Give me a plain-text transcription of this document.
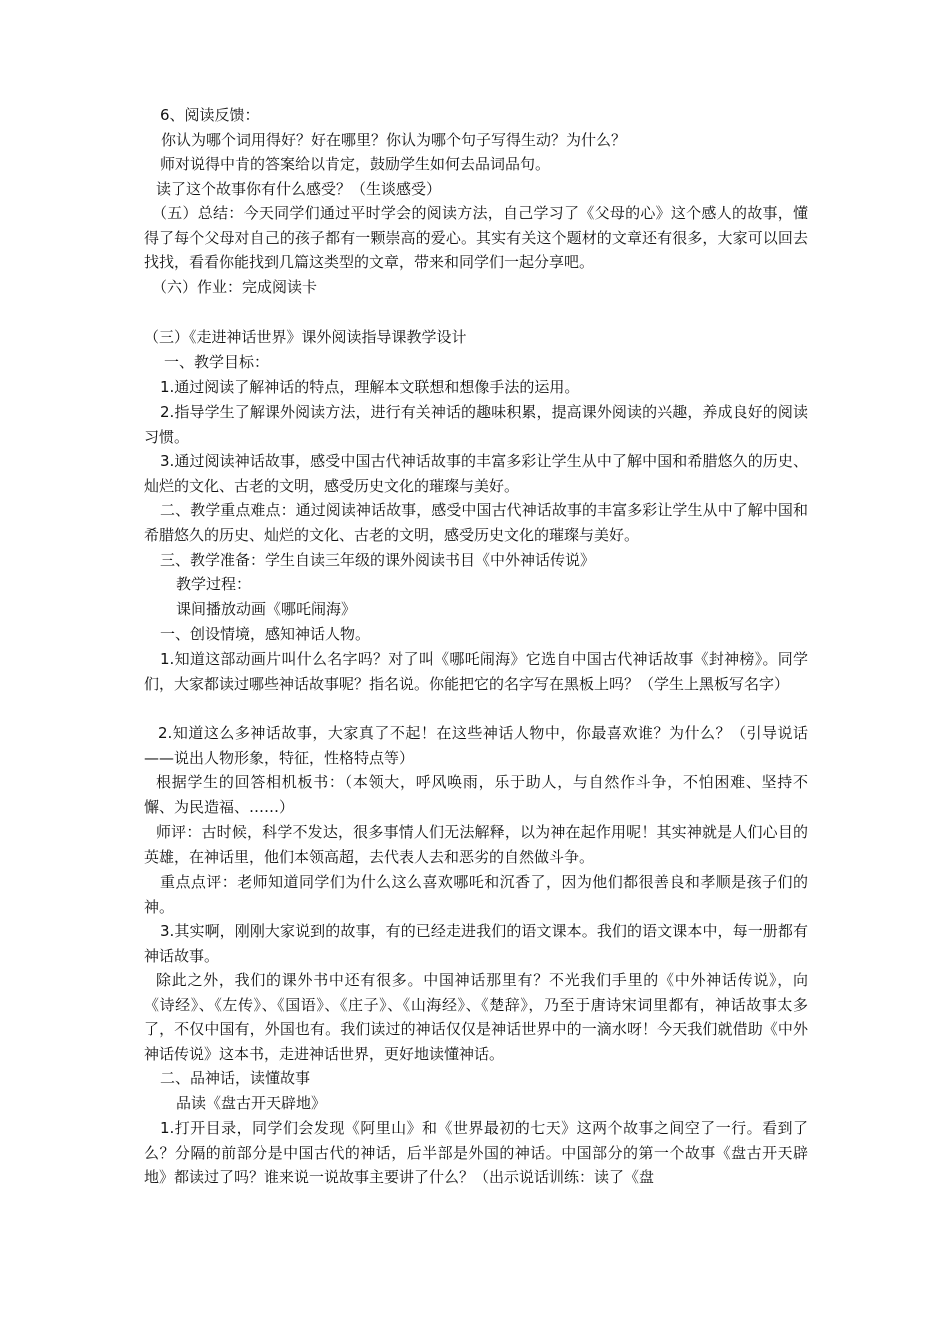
6、阅读反馈：
你认为哪个词用得好？好在哪里？你认为哪个句子写得生动？为什么？
师对说得中肯的答案给以肯定，鼓励学生如何去品词品句。
读了这个故事你有什么感受？（生谈感受）
（五）总结：今天同学们通过平时学会的阅读方法，自己学习了《父母的心》这个感人的故事，懂得了每个父母对自己的孩子都有一颗崇高的爱心。其实有关这个题材的文章还有很多，大家可以回去找找，看看你能找到几篇这类型的文章，带来和同学们一起分享吧。
（六）作业：完成阅读卡
（三）《走进神话世界》课外阅读指导课教学设计
一、教学目标：
1.通过阅读了解神话的特点，理解本文联想和想像手法的运用。
2.指导学生了解课外阅读方法，进行有关神话的趣味积累，提高课外阅读的兴趣，养成良好的阅读习惯。
3.通过阅读神话故事，感受中国古代神话故事的丰富多彩让学生从中了解中国和希腊悠久的历史、灿烂的文化、古老的文明，感受历史文化的璀璨与美好。
二、教学重点难点：通过阅读神话故事，感受中国古代神话故事的丰富多彩让学生从中了解中国和希腊悠久的历史、灿烂的文化、古老的文明，感受历史文化的璀璨与美好。
三、教学准备：学生自读三年级的课外阅读书目《中外神话传说》
教学过程：
课间播放动画《哪吒闹海》
一、创设情境，感知神话人物。
1.知道这部动画片叫什么名字吗？对了叫《哪吒闹海》它选自中国古代神话故事《封神榜》。同学们，大家都读过哪些神话故事呢？指名说。你能把它的名字写在黑板上吗？（学生上黑板写名字）
2.知道这么多神话故事，大家真了不起！在这些神话人物中，你最喜欢谁？为什么？（引导说话——说出人物形象，特征，性格特点等）
根据学生的回答相机板书：（本领大，呼风唤雨，乐于助人，与自然作斗争，不怕困难、坚持不懈、为民造福、……）
师评：古时候，科学不发达，很多事情人们无法解释，以为神在起作用呢！其实神就是人们心目的英雄，在神话里，他们本领高超，去代表人去和恶劣的自然做斗争。
重点点评：老师知道同学们为什么这么喜欢哪吒和沉香了，因为他们都很善良和孝顺是孩子们的神。
3.其实啊，刚刚大家说到的故事，有的已经走进我们的语文课本。我们的语文课本中，每一册都有神话故事。
除此之外，我们的课外书中还有很多。中国神话那里有？不光我们手里的《中外神话传说》，向《诗经》、《左传》、《国语》、《庄子》、《山海经》、《楚辞》，乃至于唐诗宋词里都有，神话故事太多了，不仅中国有，外国也有。我们读过的神话仅仅是神话世界中的一滴水呀！今天我们就借助《中外神话传说》这本书，走进神话世界，更好地读懂神话。
二、品神话，读懂故事
品读《盘古开天辟地》
1.打开目录，同学们会发现《阿里山》和《世界最初的七天》这两个故事之间空了一行。看到了么？分隔的前部分是中国古代的神话，后半部是外国的神话。中国部分的第一个故事《盘古开天辟地》都读过了吗？谁来说一说故事主要讲了什么？（出示说话训练：读了《盘
